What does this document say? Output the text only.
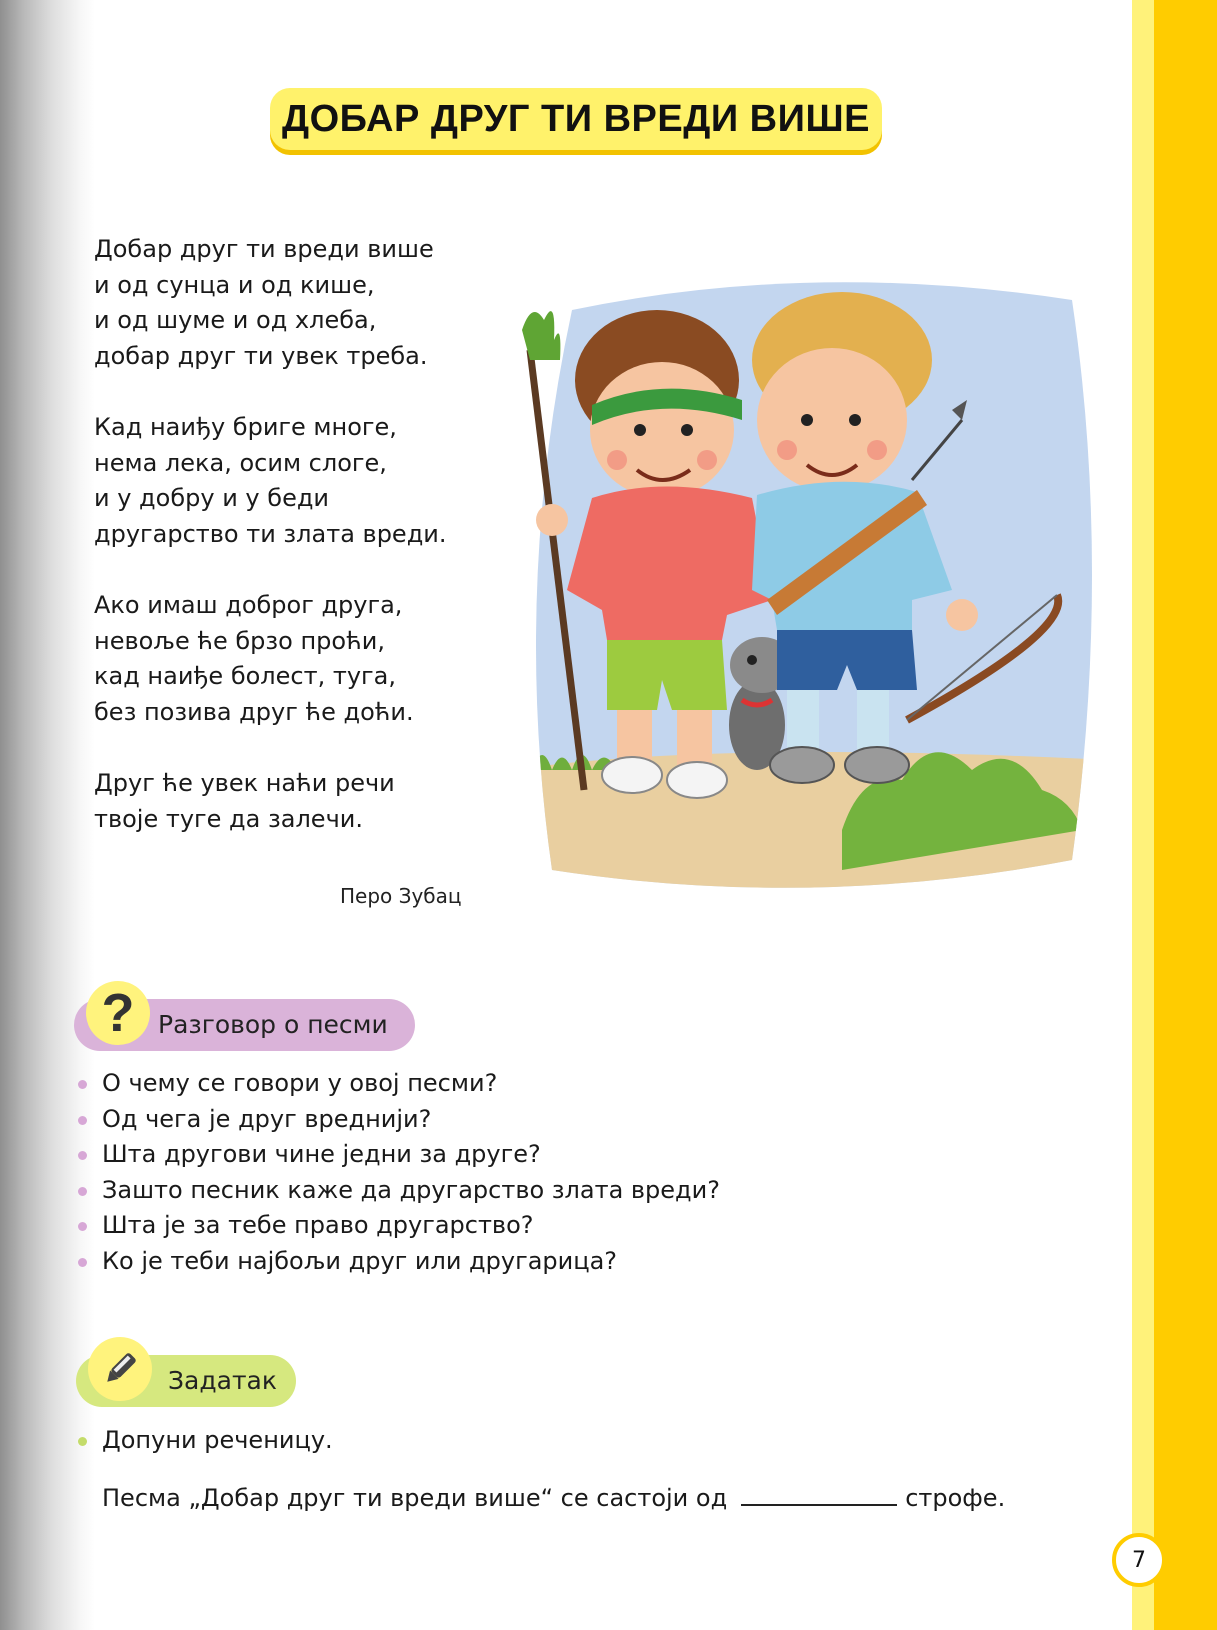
ДОБАР ДРУГ ТИ ВРЕДИ ВИШЕ
Добар друг ти вреди више
и од сунца и од кише,
и од шуме и од хлеба,
добар друг ти увек треба.
Кад наиђу бриге многе,
нема лека, осим слоге,
и у добру и у беди
другарство ти злата вреди.
Ако имаш доброг друга,
невоље ће брзо проћи,
кад наиђе болест, туга,
без позива друг ће доћи.
Друг ће увек наћи речи
твоје туге да залечи.
Перо Зубац
? Разговор о песми
О чему се говори у овој песми?
Од чега је друг вреднији?
Шта другови чине једни за друге?
Зашто песник каже да другарство злата вреди?
Шта је за тебе право другарство?
Ко је теби најбољи друг или другарица?
Задатак
Допуни реченицу.
Песма „Добар друг ти вреди више“ се састоји од	строфе.
7
